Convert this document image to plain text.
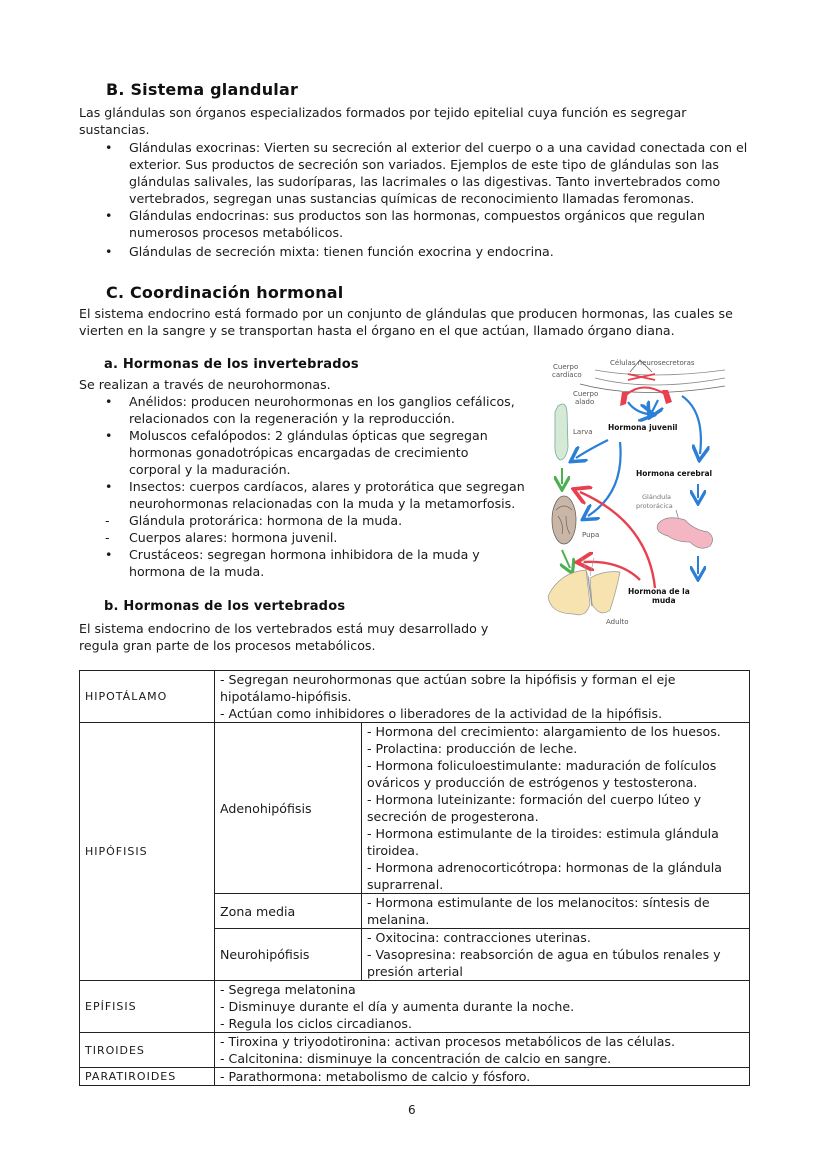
B. Sistema glandular
Las glándulas son órganos especializados formados por tejido epitelial cuya función es segregar
sustancias.
•	Glándulas exocrinas: Vierten su secreción al exterior del cuerpo o a una cavidad conectada con el
exterior. Sus productos de secreción son variados. Ejemplos de este tipo de glándulas son las
glándulas salivales, las sudoríparas, las lacrimales o las digestivas. Tanto invertebrados como
vertebrados, segregan unas sustancias químicas de reconocimiento llamadas feromonas.
•	Glándulas endocrinas: sus productos son las hormonas, compuestos orgánicos que regulan
numerosos procesos metabólicos.
•	Glándulas de secreción mixta: tienen función exocrina y endocrina.
C. Coordinación hormonal
El sistema endocrino está formado por un conjunto de glándulas que producen hormonas, las cuales se
vierten en la sangre y se transportan hasta el órgano en el que actúan, llamado órgano diana.
a. Hormonas de los invertebrados
Se realizan a través de neurohormonas.
•	Anélidos: producen neurohormonas en los ganglios cefálicos,
relacionados con la regeneración y la reproducción.
•	Moluscos cefalópodos: 2 glándulas ópticas que segregan
hormonas gonadotrópicas encargadas de crecimiento
corporal y la maduración.
•	Insectos: cuerpos cardíacos, alares y protorática que segregan
neurohormonas relacionadas con la muda y la metamorfosis.
-	Glándula protorárica: hormona de la muda.
-	Cuerpos alares: hormona juvenil.
•	Crustáceos: segregan hormona inhibidora de la muda y
hormona de la muda.
Cuerpo
cardíaco
Células neurosecretoras
Cuerpo
alado
Hormona juvenil
Hormona cerebral
Larva
Pupa
Glándula
protorácica
Hormona de la
muda
Adulto
b. Hormonas de los vertebrados
El sistema endocrino de los vertebrados está muy desarrollado y
regula gran parte de los procesos metabólicos.
HIPOTÁLAMO	- Segregan neurohormonas que actúan sobre la hipófisis y forman el eje
hipotálamo-hipófisis.
- Actúan como inhibidores o liberadores de la actividad de la hipófisis.	

HIPÓFISIS	Adenohipófisis	
- Hormona del crecimiento: alargamiento de los huesos.
- Prolactina: producción de leche.
- Hormona foliculoestimulante: maduración de folículos
ováricos y producción de estrógenos y testosterona.
- Hormona luteinizante: formación del cuerpo lúteo y
secreción de progesterona.
- Hormona estimulante de la tiroides: estimula glándula
tiroidea.
- Hormona adrenocorticótropa: hormonas de la glándula
suprarrenal.

	Zona media	- Hormona estimulante de los melanocitos: síntesis de
melanina.

	Neurohipófisis	- Oxitocina: contracciones uterinas.
- Vasopresina: reabsorción de agua en túbulos renales y
presión arterial

EPÍFISIS	- Segrega melatonina
- Disminuye durante el día y aumenta durante la noche.
- Regula los ciclos circadianos.	

TIROIDES	- Tiroxina y triyodotironina: activan procesos metabólicos de las células.
- Calcitonina: disminuye la concentración de calcio en sangre.	

PARATIROIDES	- Parathormona: metabolismo de calcio y fósforo.	
6
